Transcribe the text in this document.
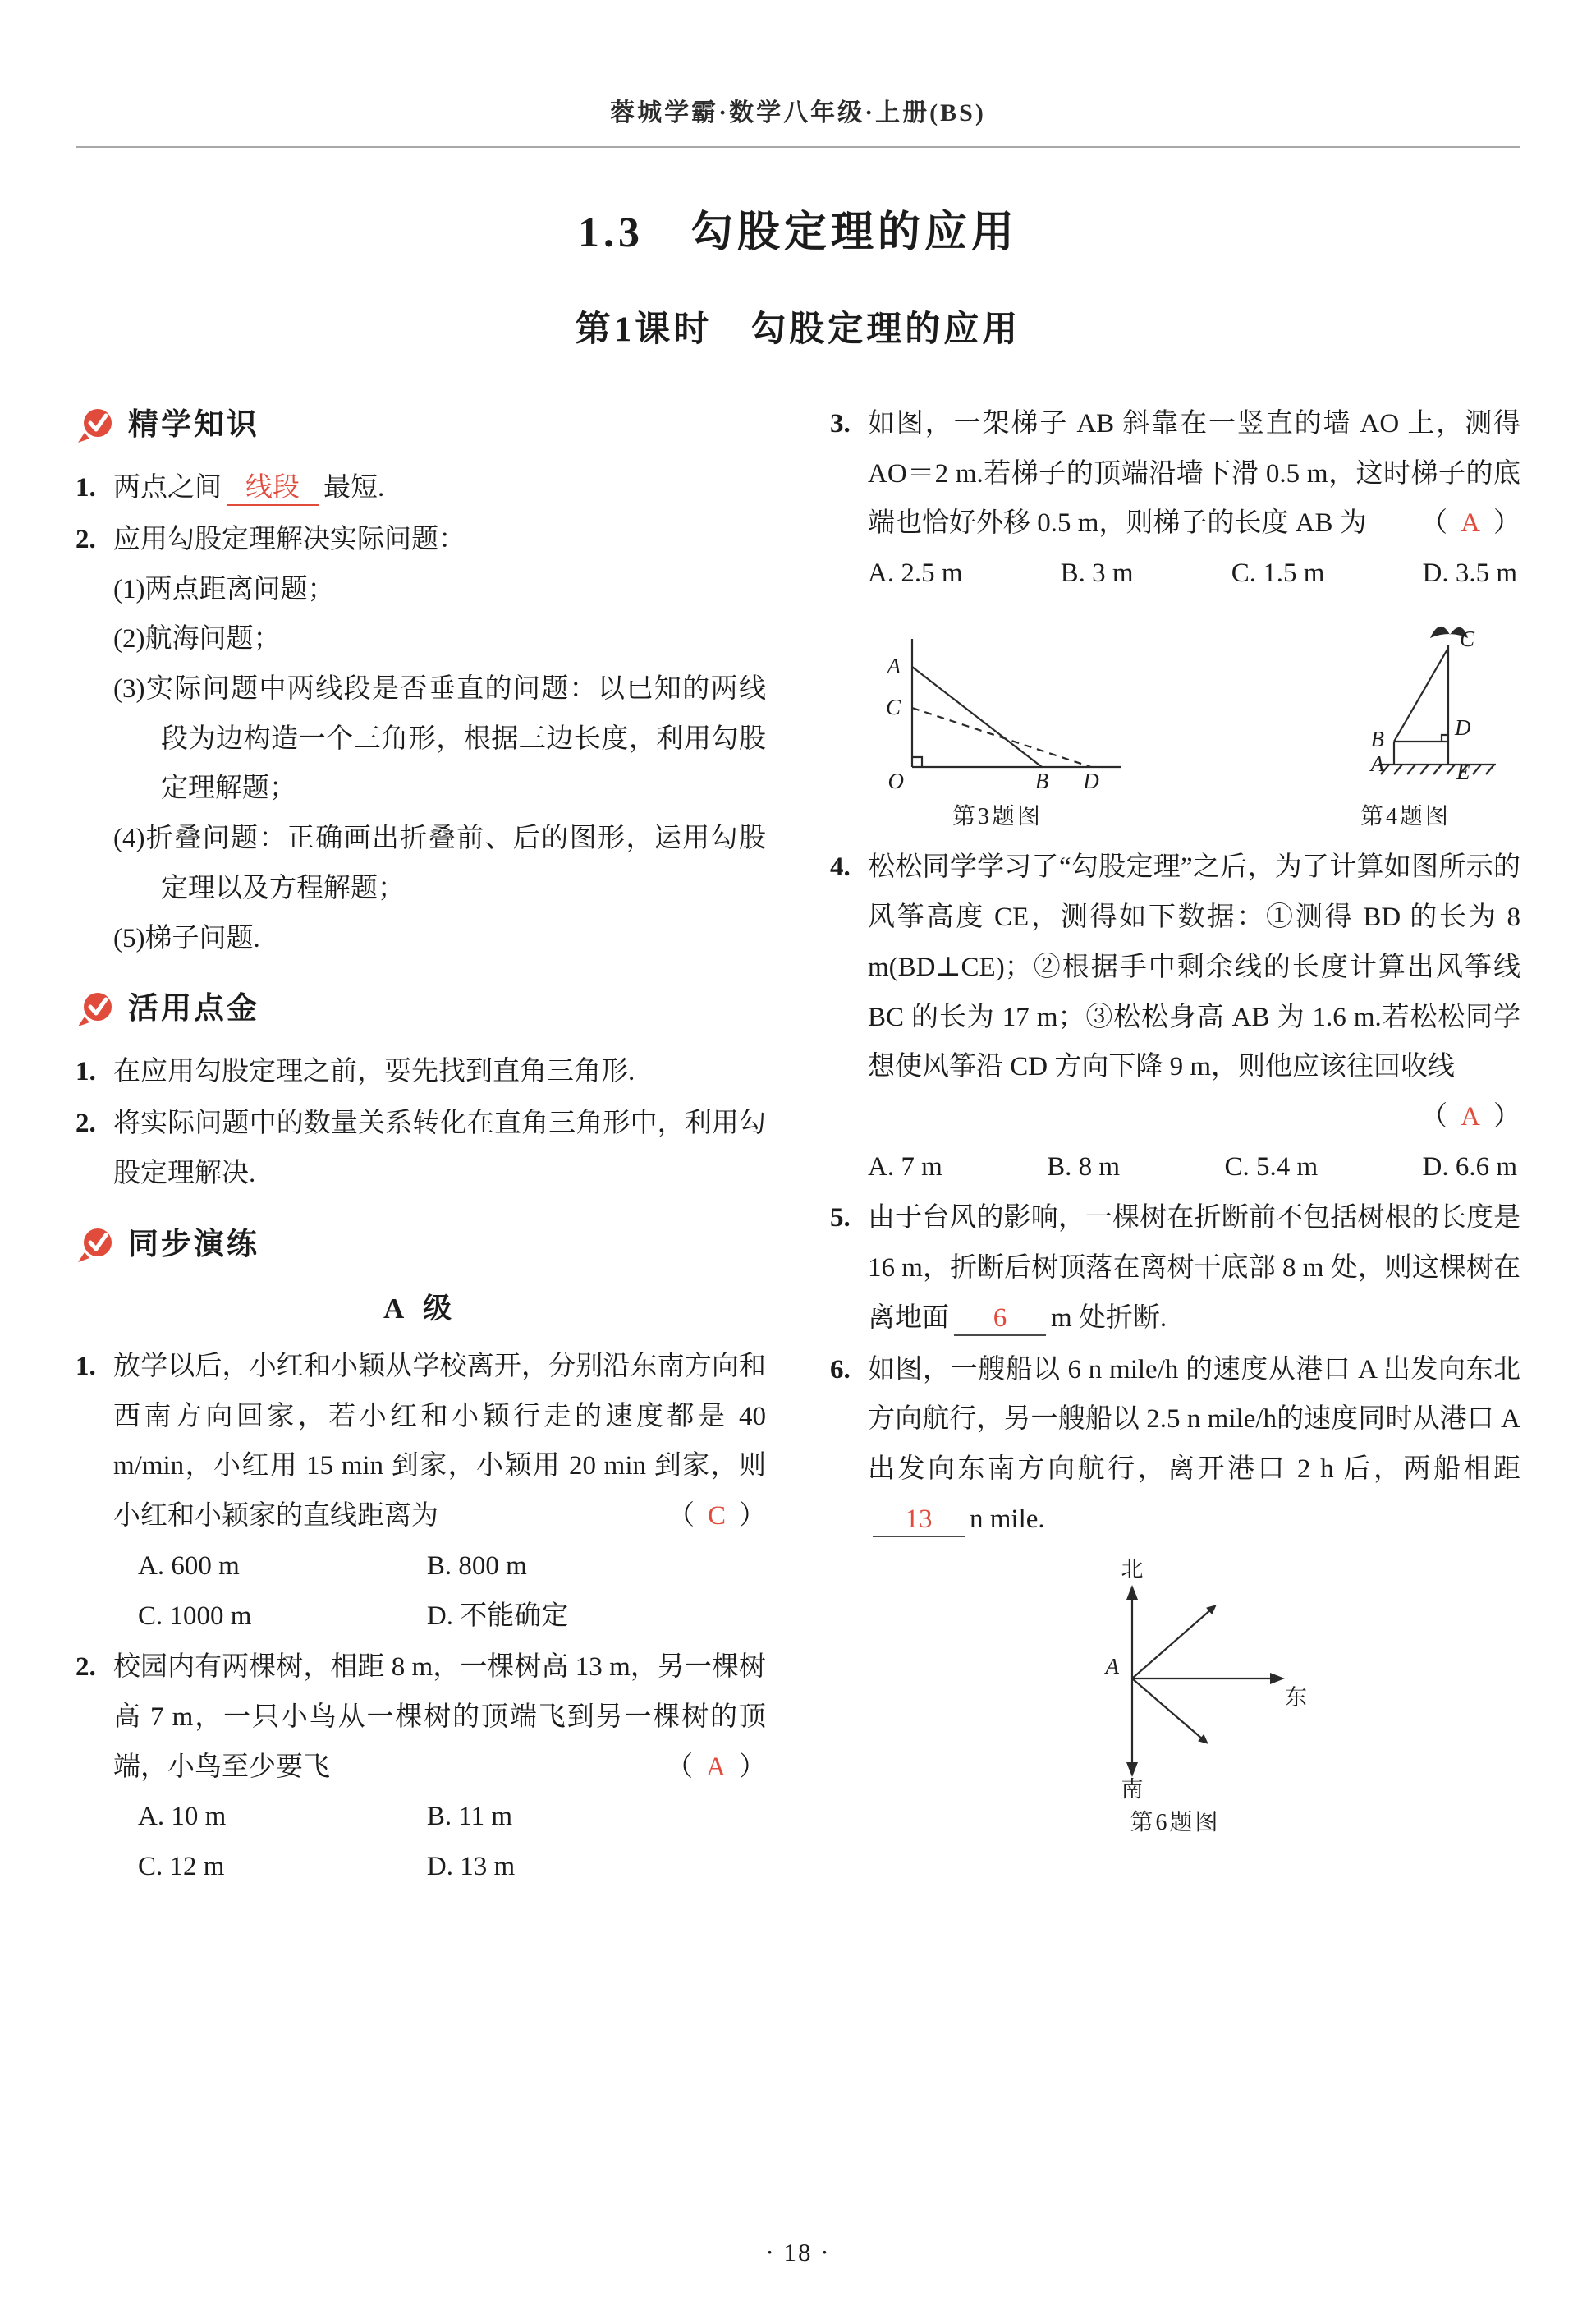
蓉城学霸·数学八年级·上册(BS)
1.3　勾股定理的应用
第1课时　勾股定理的应用
精学知识
1. 两点之间 线段 最短.
2. 应用勾股定理解决实际问题：
(1)两点距离问题；
(2)航海问题；
(3)实际问题中两线段是否垂直的问题：以已知的两线段为边构造一个三角形，根据三边长度，利用勾股定理解题；
(4)折叠问题：正确画出折叠前、后的图形，运用勾股定理以及方程解题；
(5)梯子问题.
活用点金
1. 在应用勾股定理之前，要先找到直角三角形.
2. 将实际问题中的数量关系转化在直角三角形中，利用勾股定理解决.
同步演练
A 级
1. 放学以后，小红和小颖从学校离开，分别沿东南方向和西南方向回家，若小红和小颖行走的速度都是 40 m/min，小红用 15 min 到家，小颖用 20 min 到家，则小红和小颖家的直线距离为	（ C ）
A. 600 m	B. 800 m
C. 1000 m	D. 不能确定
2. 校园内有两棵树，相距 8 m，一棵树高 13 m，另一棵树高 7 m，一只小鸟从一棵树的顶端飞到另一棵树的顶端，小鸟至少要飞	（ A ）
A. 10 m	B. 11 m
C. 12 m	D. 13 m
3. 如图，一架梯子 AB 斜靠在一竖直的墙 AO 上，测得 AO＝2 m.若梯子的顶端沿墙下滑 0.5 m，这时梯子的底端也恰好外移 0.5 m，则梯子的长度 AB 为 （ A ）
A. 2.5 m	B. 3 m	C. 1.5 m	D. 3.5 m
A
C
O	B D
第3题图
C
B	D
A	E
第4题图
4. 松松同学学习了“勾股定理”之后，为了计算如图所示的风筝高度 CE，测得如下数据：①测得 BD 的长为 8 m(BD⊥CE)；②根据手中剩余线的长度计算出风筝线 BC 的长为 17 m；③松松身高 AB 为 1.6 m.若松松同学想使风筝沿 CD 方向下降 9 m，则他应该往回收线
（ A ）
A. 7 m	B. 8 m	C. 5.4 m	D. 6.6 m
5. 由于台风的影响，一棵树在折断前不包括树根的长度是 16 m，折断后树顶落在离树干底部 8 m 处，则这棵树在离地面 6 m 处折断.
6. 如图，一艘船以 6 n mile/h 的速度从港口 A 出发向东北方向航行，另一艘船以 2.5 n mile/h的速度同时从港口 A 出发向东南方向航行，离开港口 2 h 后，两船相距13 n mile.
北
南
东
A
第6题图
· 18 ·
